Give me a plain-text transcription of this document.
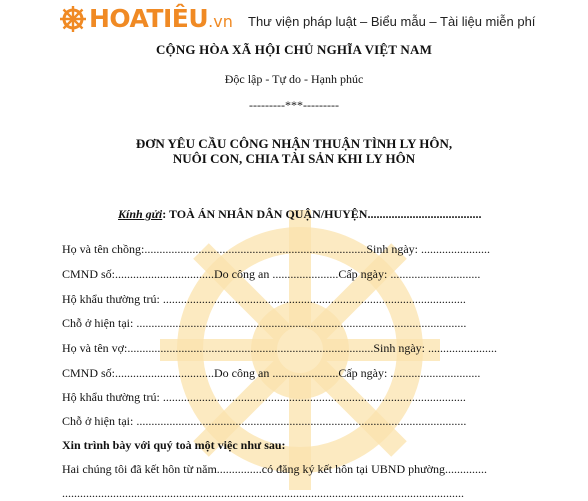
HOATIÊU.vn Thư viện pháp luật – Biểu mẫu – Tài liệu miễn phí
CỘNG HÒA XÃ HỘI CHỦ NGHĨA VIỆT NAM
Độc lập - Tự do - Hạnh phúc
---------***---------
ĐƠN YÊU CẦU CÔNG NHẬN THUẬN TÌNH LY HÔN,
NUÔI CON, CHIA TÀI SẢN KHI LY HÔN
Kính gửi: TOÀ ÁN NHÂN DÂN QUẬN/HUYỆN......................................
Họ và tên chồng:..........................................................................Sinh ngày: .......................
CMND số:.................................Do công an ......................Cấp ngày: ..............................
Hộ khẩu thường trú: .....................................................................................................
Chỗ ở hiện tại: ..............................................................................................................
Họ và tên vợ:..................................................................................Sinh ngày: .......................
CMND số:.................................Do công an ......................Cấp ngày: ..............................
Hộ khẩu thường trú: .....................................................................................................
Chỗ ở hiện tại: ..............................................................................................................
Xin trình bày với quý toà một việc như sau:
Hai chúng tôi đã kết hôn từ năm...............có đăng ký kết hôn tại UBND phường..............
......................................................................................................................................
